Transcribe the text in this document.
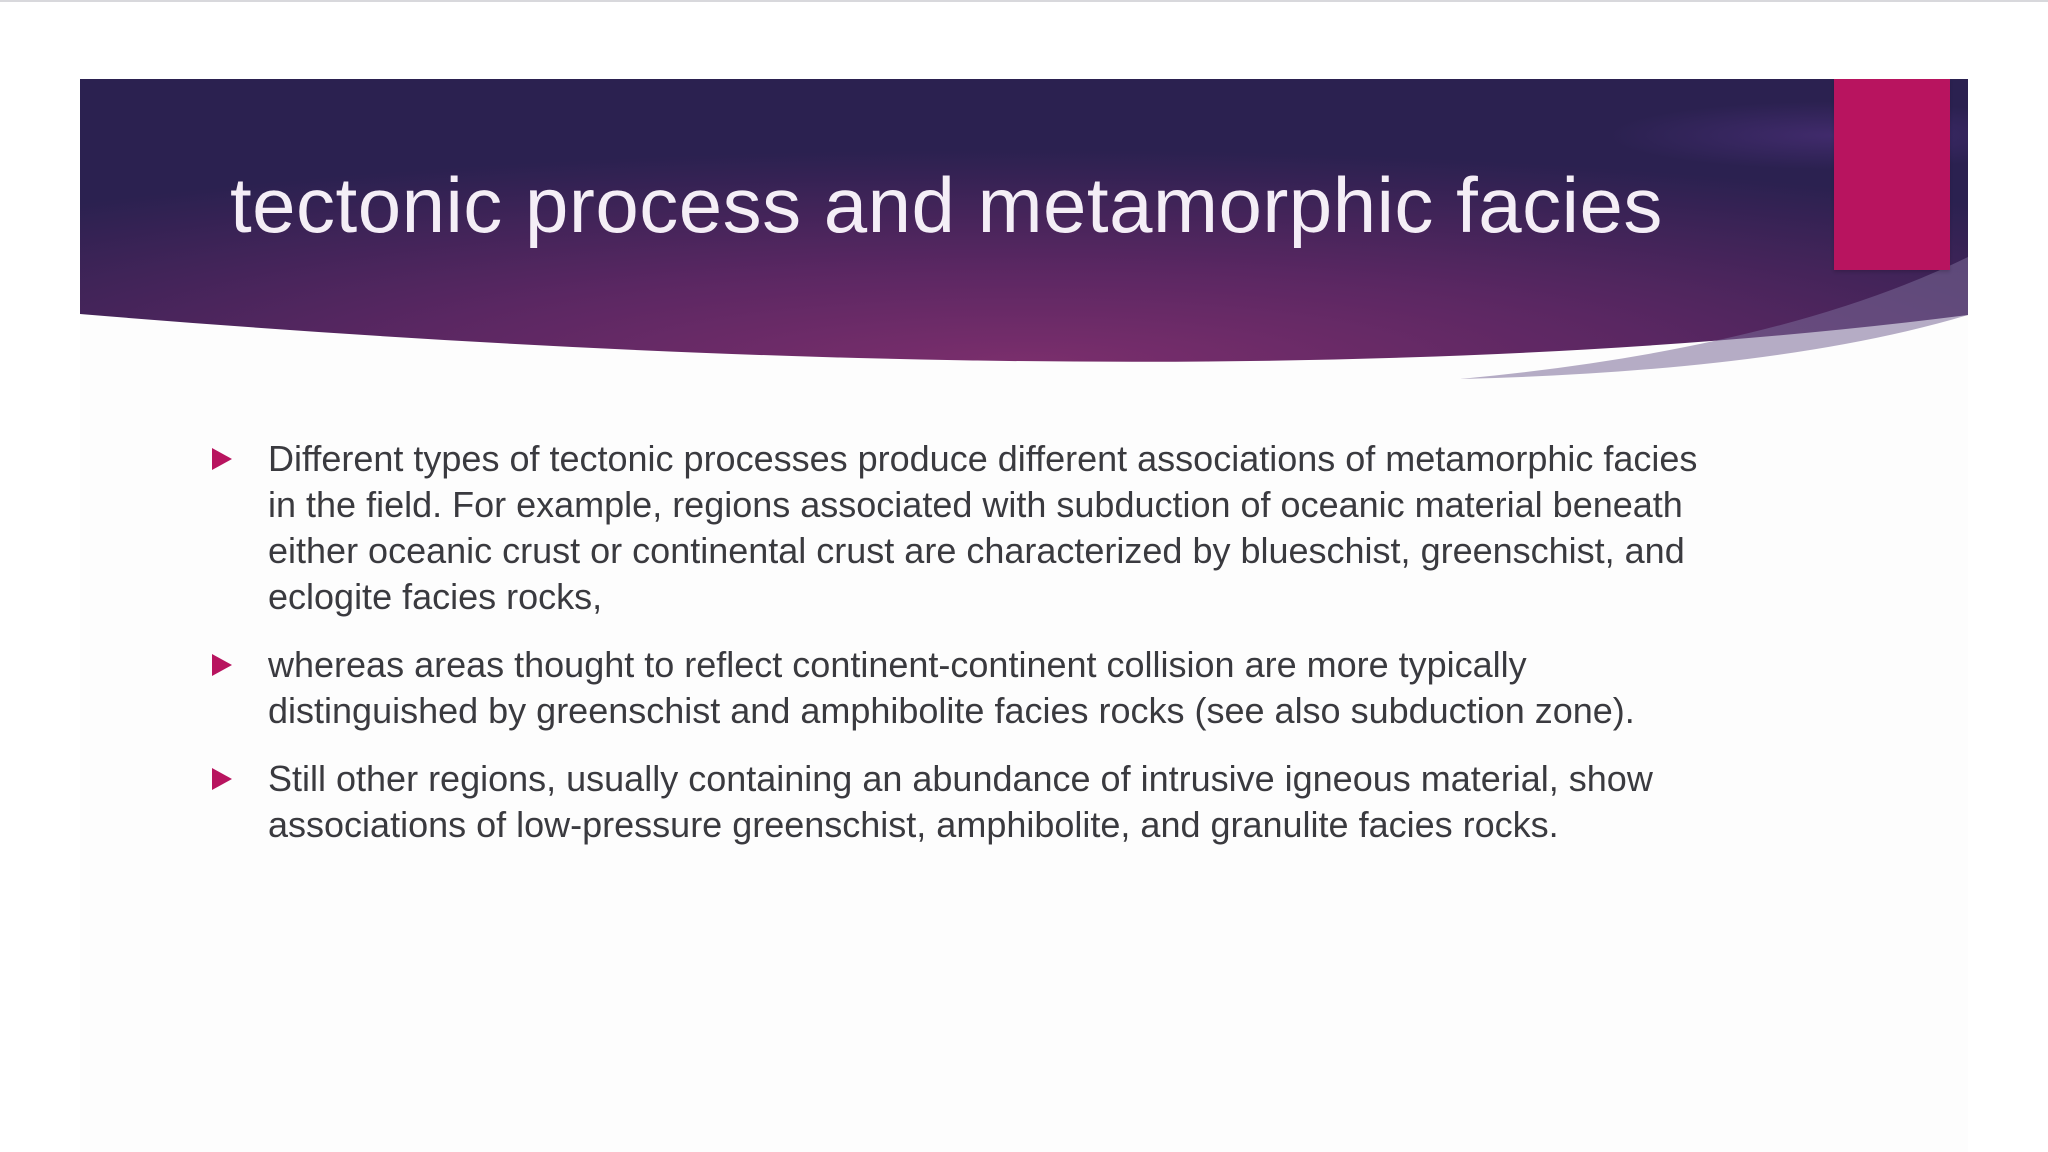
tectonic process and metamorphic facies
Different types of tectonic processes produce different associations of metamorphic facies in the field. For example, regions associated with subduction of oceanic material beneath either oceanic crust or continental crust are characterized by blueschist, greenschist, and eclogite facies rocks,
whereas areas thought to reflect continent-continent collision are more typically distinguished by greenschist and amphibolite facies rocks (see also subduction zone).
Still other regions, usually containing an abundance of intrusive igneous material, show associations of low-pressure greenschist, amphibolite, and granulite facies rocks.
